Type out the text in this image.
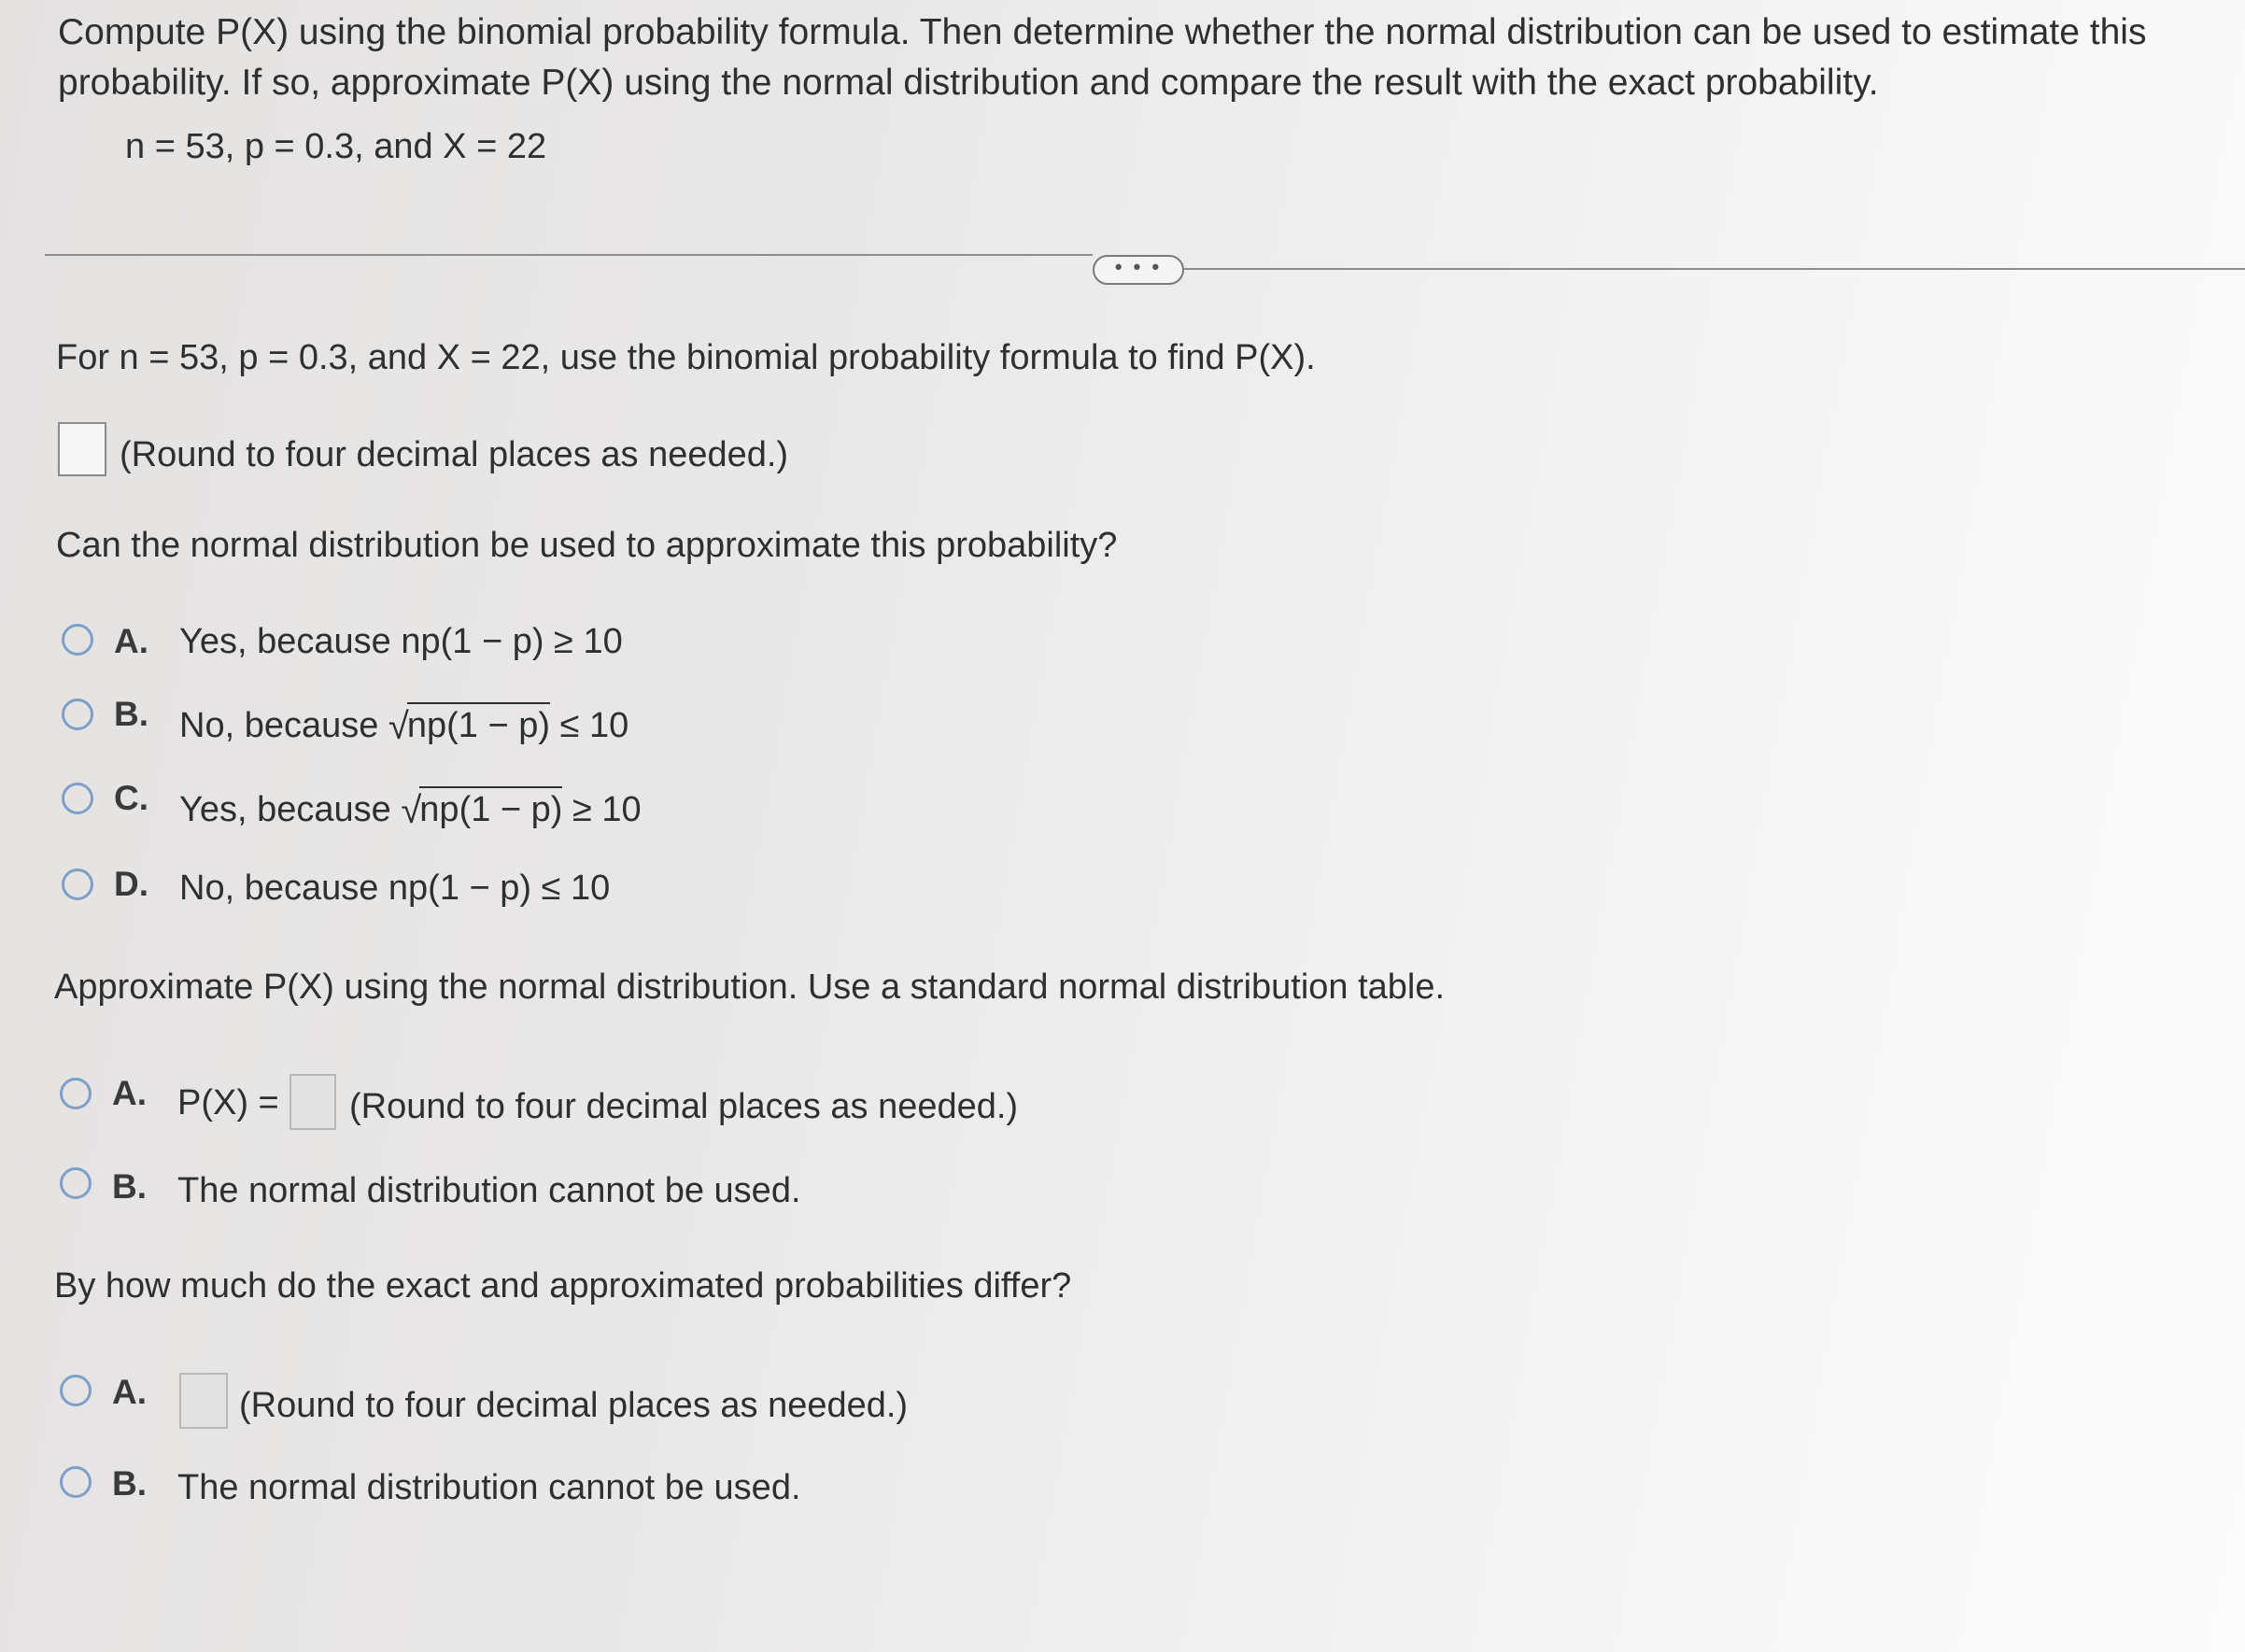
Compute P(X) using the binomial probability formula. Then determine whether the normal distribution can be used to estimate this probability. If so, approximate P(X) using the normal distribution and compare the result with the exact probability.
n = 53, p = 0.3, and X = 22
• • •
For n = 53, p = 0.3, and X = 22, use the binomial probability formula to find P(X).
(Round to four decimal places as needed.)
Can the normal distribution be used to approximate this probability?
A. Yes, because np(1 − p) ≥ 10
B. No, because √np(1 − p) ≤ 10
C. Yes, because √np(1 − p) ≥ 10
D. No, because np(1 − p) ≤ 10
Approximate P(X) using the normal distribution. Use a standard normal distribution table.
A. P(X) = (Round to four decimal places as needed.)
B. The normal distribution cannot be used.
By how much do the exact and approximated probabilities differ?
A.	(Round to four decimal places as needed.)
B. The normal distribution cannot be used.
